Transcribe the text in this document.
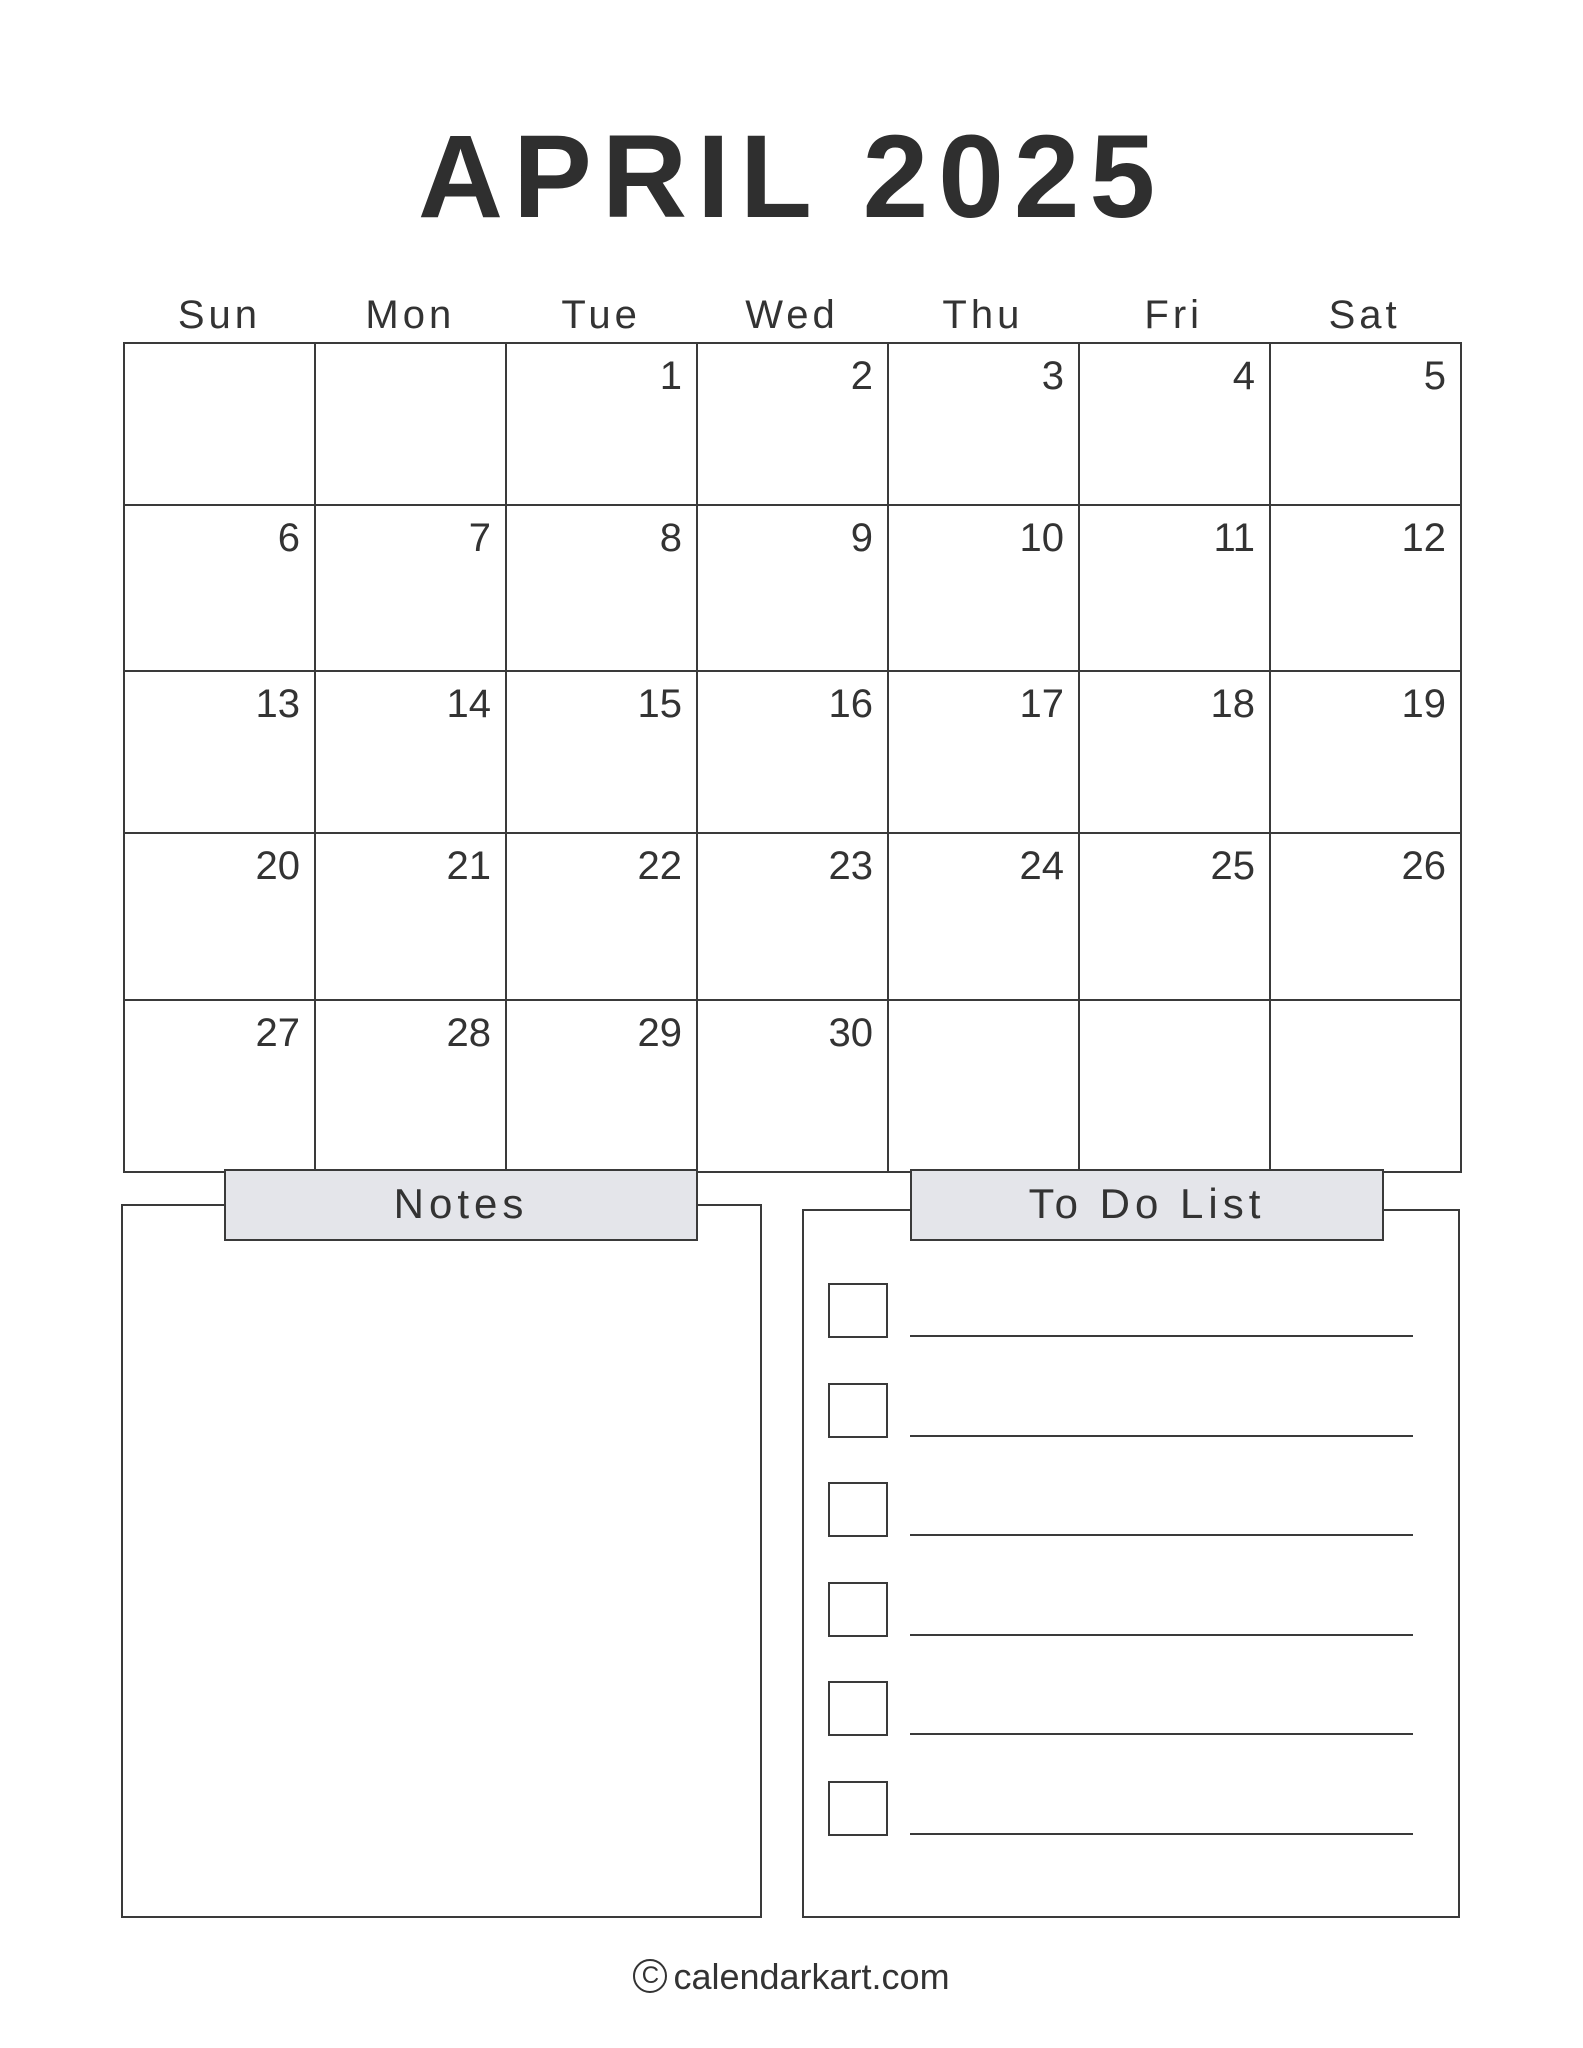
APRIL 2025
Sun	Mon	Tue	Wed	Thu	Fri	Sat
		1	2	3	4	5
6	7	8	9	10	11	12
13	14	15	16	17	18	19
20	21	22	23	24	25	26
27	28	29	30			
Notes	To Do List
C calendarkart.com
